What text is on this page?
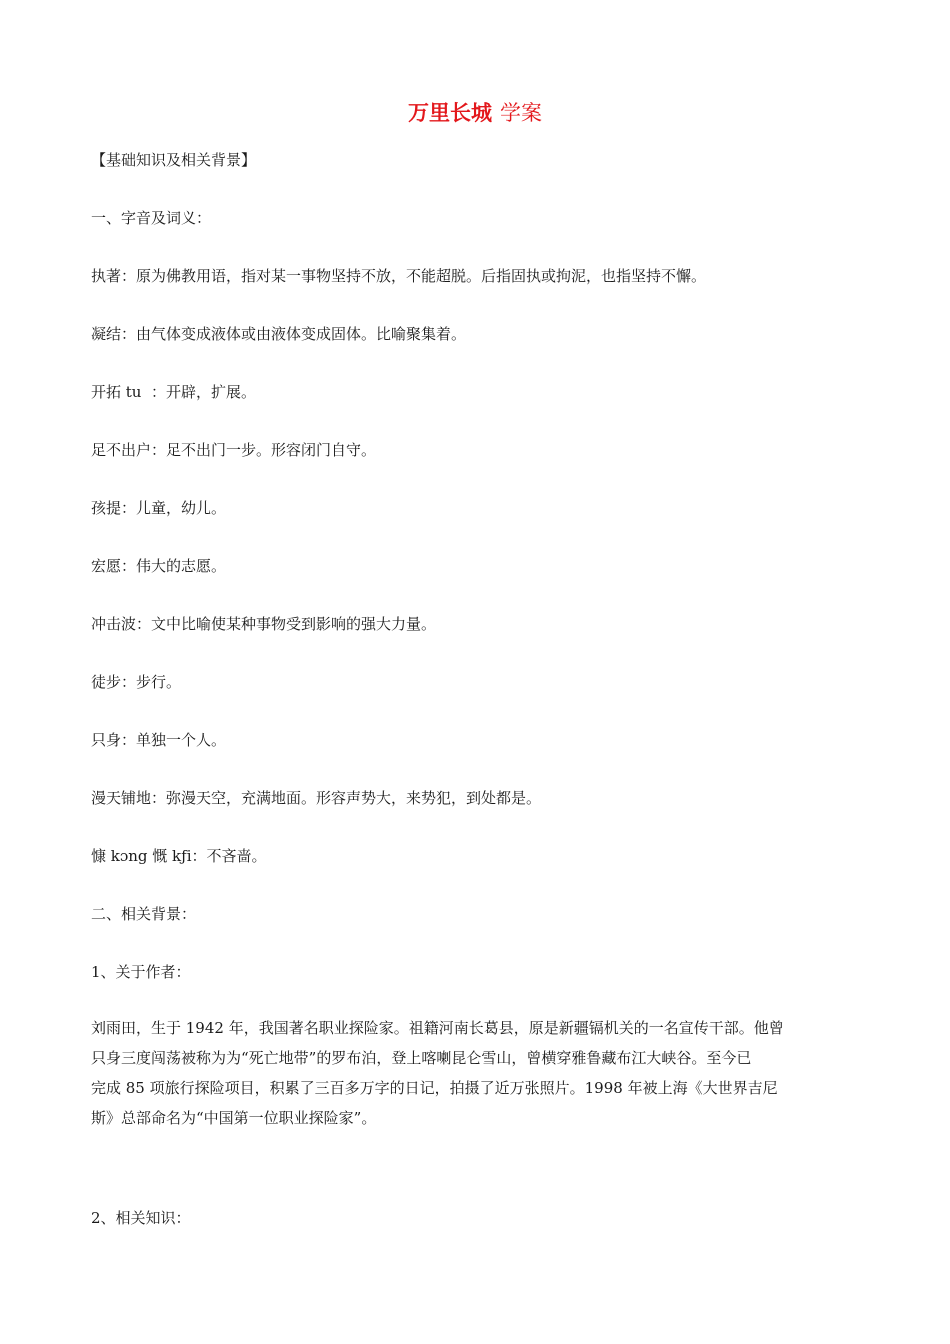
万里长城 学案
【基础知识及相关背景】
一、字音及词义：
执著：原为佛教用语，指对某一事物坚持不放，不能超脱。后指固执或拘泥，也指坚持不懈。
凝结：由气体变成液体或由液体变成固体。比喻聚集着。
开拓 tu  ：开辟，扩展。
足不出户：足不出门一步。形容闭门自守。
孩提：儿童，幼儿。
宏愿：伟大的志愿。
冲击波：文中比喻使某种事物受到影响的强大力量。
徒步：步行。
只身：单独一个人。
漫天铺地：弥漫天空，充满地面。形容声势大，来势犯，到处都是。
慷 kɔng 慨 kƒi：不吝啬。
二、相关背景：
1、关于作者：
刘雨田，生于 1942 年，我国著名职业探险家。祖籍河南长葛县，原是新疆镉机关的一名宣传干部。他曾
只身三度闯荡被称为为“死亡地带”的罗布泊，登上喀喇昆仑雪山，曾横穿雅鲁藏布江大峡谷。至今已
完成 85 项旅行探险项目，积累了三百多万字的日记，拍摄了近万张照片。1998 年被上海《大世界吉尼
斯》总部命名为“中国第一位职业探险家”。
2、相关知识：
